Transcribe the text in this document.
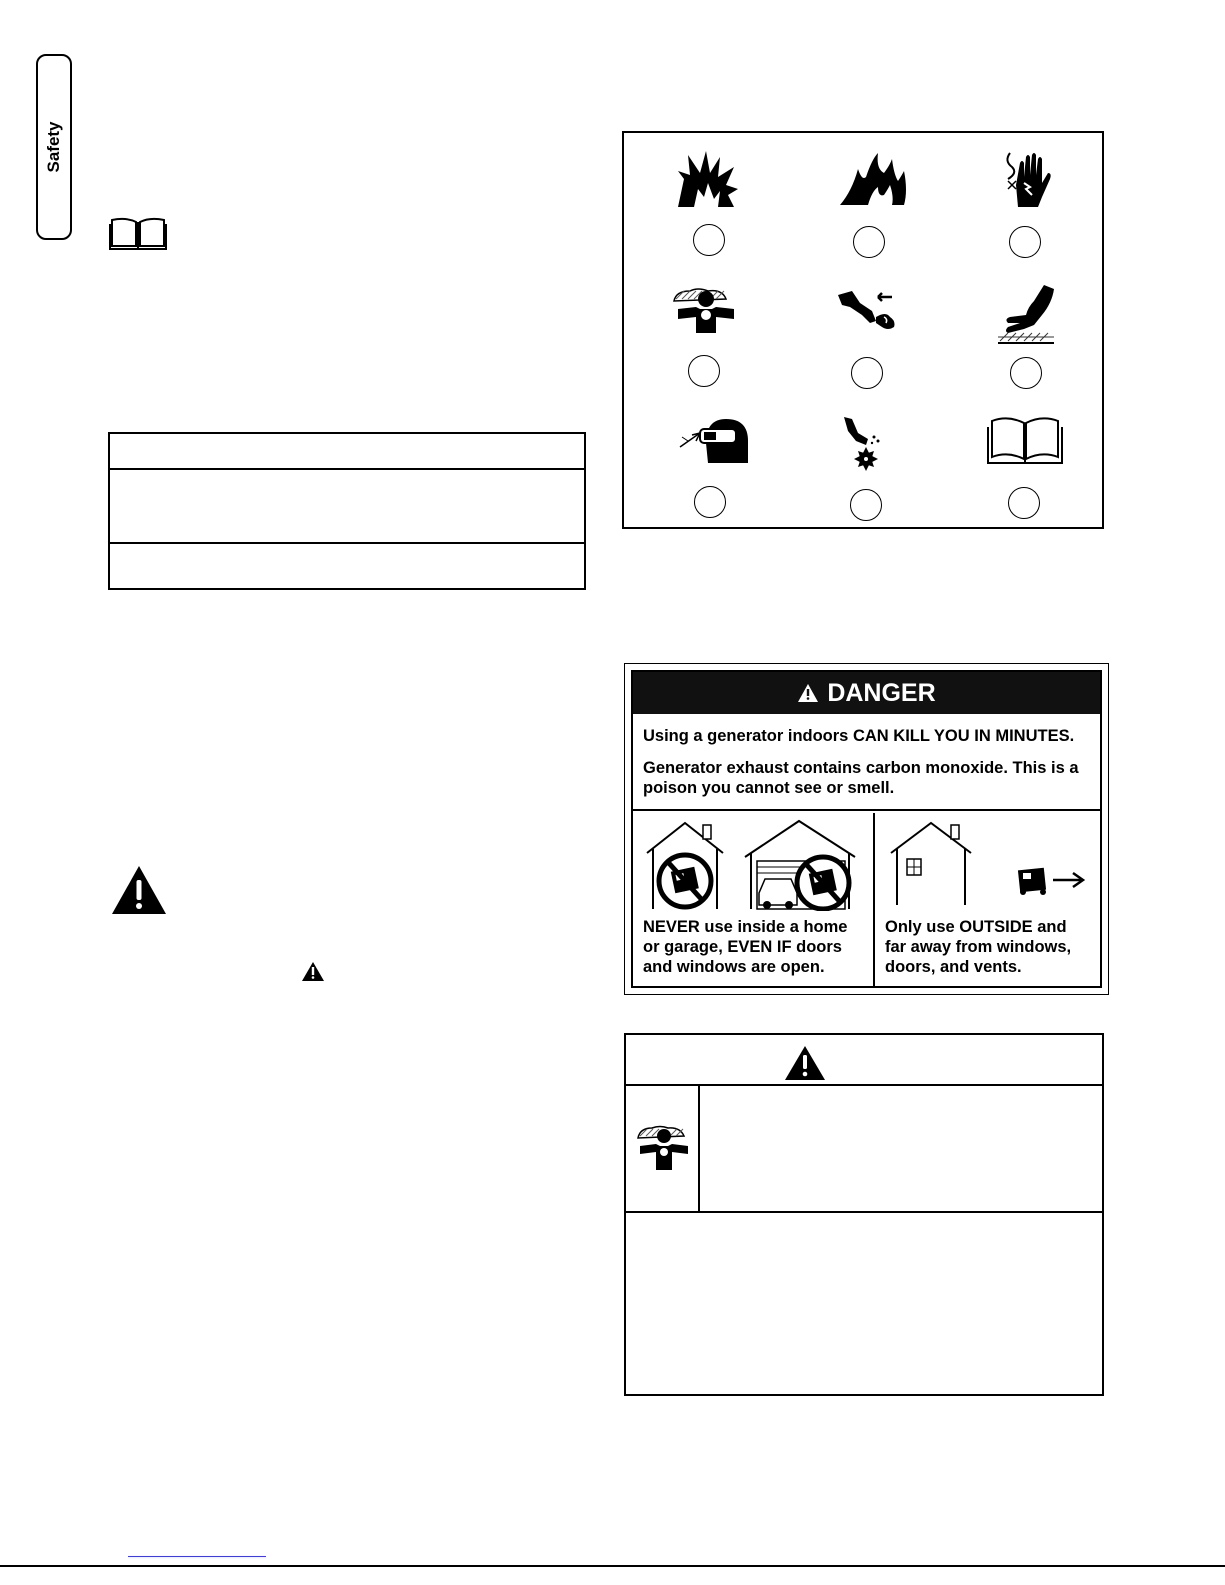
Safety
DANGER

Using a generator indoors CAN KILL YOU IN MINUTES.

Generator exhaust contains carbon monoxide. This is a poison you cannot see or smell.

NEVER use inside a home or garage, EVEN IF doors and windows are open.
Only use OUTSIDE and far away from windows, doors, and vents.
